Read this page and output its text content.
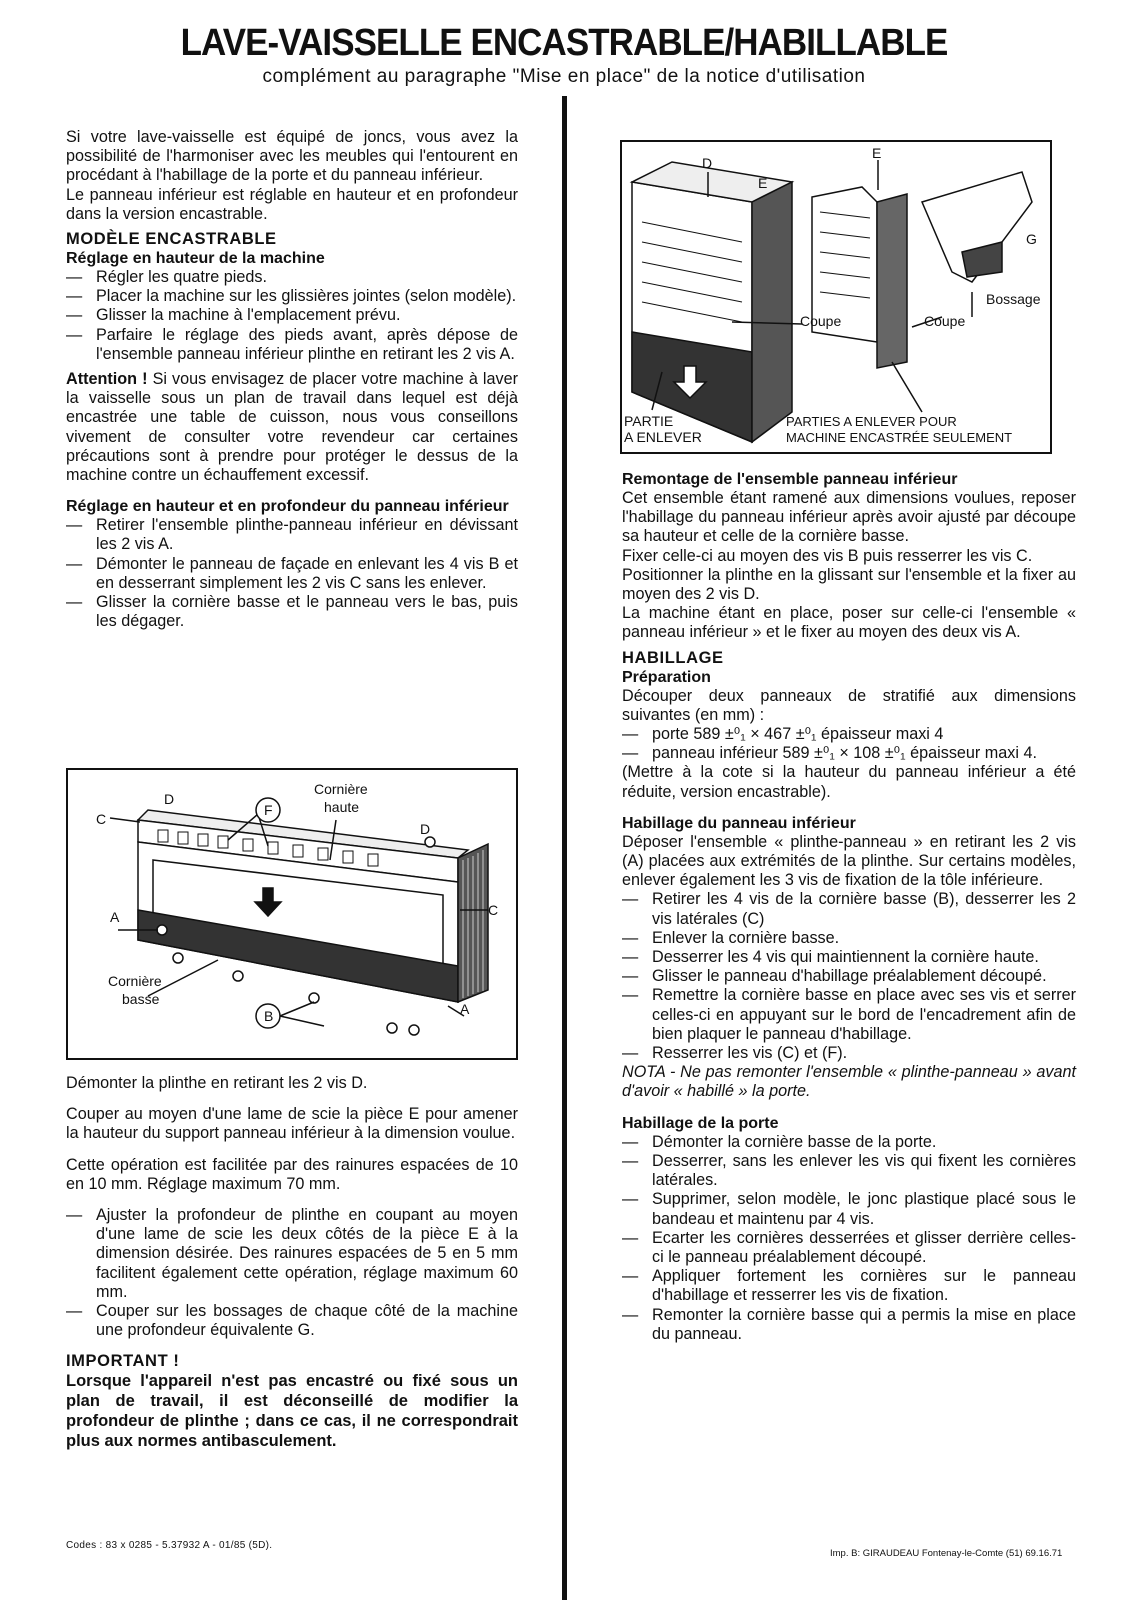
LAVE-VAISSELLE ENCASTRABLE/HABILLABLE
complément au paragraphe "Mise en place" de la notice d'utilisation

Si votre lave-vaisselle est équipé de joncs, vous avez la possibilité de l'harmoniser avec les meubles qui l'entourent en procédant à l'habillage de la porte et du panneau inférieur.

Le panneau inférieur est réglable en hauteur et en profondeur dans la version encastrable.

MODÈLE ENCASTRABLE
Réglage en hauteur de la machine
— Régler les quatre pieds.
— Placer la machine sur les glissières jointes (selon modèle).
— Glisser la machine à l'emplacement prévu.
— Parfaire le réglage des pieds avant, après dépose de l'ensemble panneau inférieur plinthe en retirant les 2 vis A.

Attention ! Si vous envisagez de placer votre machine à laver la vaisselle sous un plan de travail dans lequel est déjà encastrée une table de cuisson, nous vous conseillons vivement de consulter votre revendeur car certaines précautions sont à prendre pour protéger le dessus de la machine contre un échauffement excessif.

Réglage en hauteur et en profondeur du panneau inférieur
— Retirer l'ensemble plinthe-panneau inférieur en dévissant les 2 vis A.
— Démonter le panneau de façade en enlevant les 4 vis B et en desserrant simplement les 2 vis C sans les enlever.
— Glisser la cornière basse et le panneau vers le bas, puis les dégager.
C
D
F
Cornière
haute
D
C
A
Cornière
basse
B	A

Démonter la plinthe en retirant les 2 vis D.

Couper au moyen d'une lame de scie la pièce E pour amener la hauteur du support panneau inférieur à la dimension voulue.

Cette opération est facilitée par des rainures espacées de 10 en 10 mm. Réglage maximum 70 mm.

— Ajuster la profondeur de plinthe en coupant au moyen d'une lame de scie les deux côtés de la pièce E à la dimension désirée. Des rainures espacées de 5 en 5 mm facilitent également cette opération, réglage maximum 60 mm.
— Couper sur les bossages de chaque côté de la machine une profondeur équivalente G.
IMPORTANT !

Lorsque l'appareil n'est pas encastré ou fixé sous un plan de travail, il est déconseillé de modifier la profondeur de plinthe ; dans ce cas, il ne correspondrait plus aux normes antibasculement.

D
E
E
G
Bossage
Coupe	Coupe
PARTIE
A ENLEVER
PARTIES A ENLEVER POUR
MACHINE ENCASTRÉE SEULEMENT
Remontage de l'ensemble panneau inférieur

Cet ensemble étant ramené aux dimensions voulues, reposer l'habillage du panneau inférieur après avoir ajusté par découpe sa hauteur et celle de la cornière basse.

Fixer celle-ci au moyen des vis B puis resserrer les vis C.

Positionner la plinthe en la glissant sur l'ensemble et la fixer au moyen des 2 vis D.

La machine étant en place, poser sur celle-ci l'ensemble « panneau inférieur » et le fixer au moyen des deux vis A.

HABILLAGE
Préparation

Découper deux panneaux de stratifié aux dimensions suivantes (en mm) :

— porte 589 ±⁰₁ × 467 ±⁰₁ épaisseur maxi 4
— panneau inférieur 589 ±⁰₁ × 108 ±⁰₁ épaisseur maxi 4.

(Mettre à la cote si la hauteur du panneau inférieur a été réduite, version encastrable).

Habillage du panneau inférieur

Déposer l'ensemble « plinthe-panneau » en retirant les 2 vis (A) placées aux extrémités de la plinthe. Sur certains modèles, enlever également les 3 vis de fixation de la tôle inférieure.

— Retirer les 4 vis de la cornière basse (B), desserrer les 2 vis latérales (C)
— Enlever la cornière basse.
— Desserrer les 4 vis qui maintiennent la cornière haute.
— Glisser le panneau d'habillage préalablement découpé.
— Remettre la cornière basse en place avec ses vis et serrer celles-ci en appuyant sur le bord de l'encadrement afin de bien plaquer le panneau d'habillage.
— Resserrer les vis (C) et (F).
NOTA - Ne pas remonter l'ensemble « plinthe-panneau » avant d'avoir « habillé » la porte.
Habillage de la porte
— Démonter la cornière basse de la porte.
— Desserrer, sans les enlever les vis qui fixent les cornières latérales.
— Supprimer, selon modèle, le jonc plastique placé sous le bandeau et maintenu par 4 vis.
— Ecarter les cornières desserrées et glisser derrière celles-ci le panneau préalablement découpé.
— Appliquer fortement les cornières sur le panneau d'habillage et resserrer les vis de fixation.
— Remonter la cornière basse qui a permis la mise en place du panneau.
Codes : 83 x 0285 - 5.37932 A - 01/85 (5D).
Imp. B: GIRAUDEAU Fontenay-le-Comte (51) 69.16.71
